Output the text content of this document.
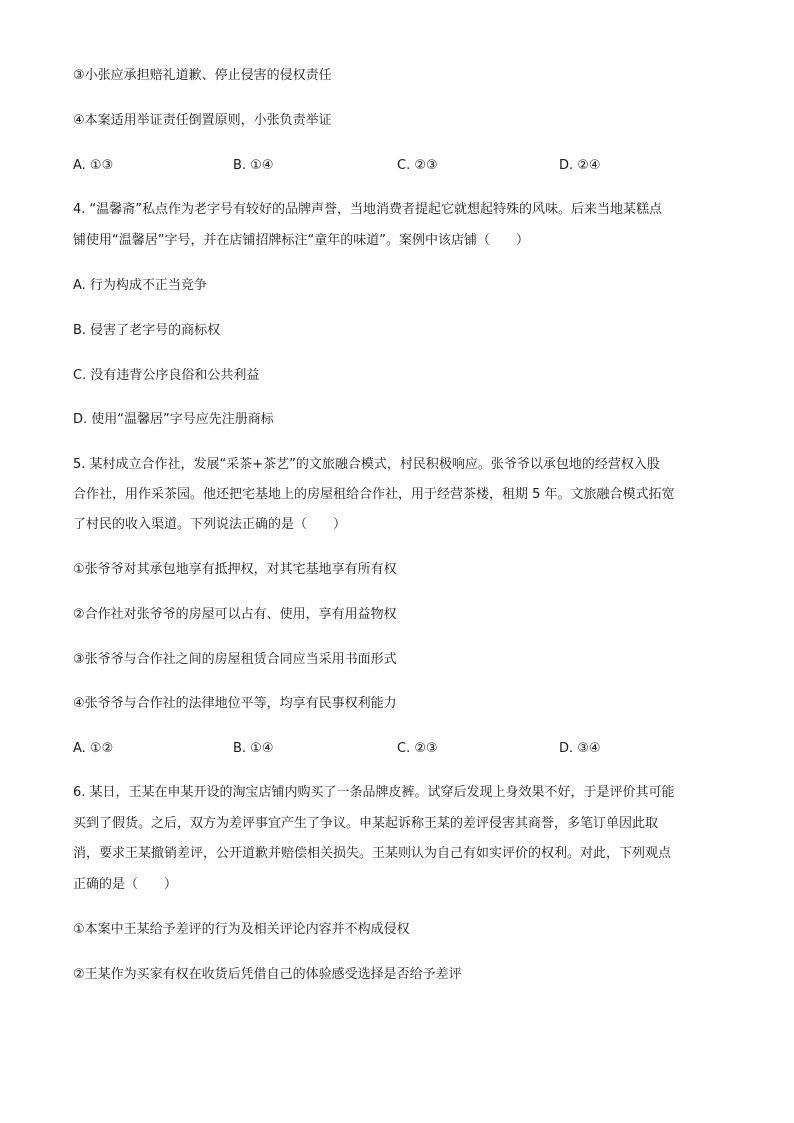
③小张应承担赔礼道歉、停止侵害的侵权责任
④本案适用举证责任倒置原则，小张负责举证
A. ①③	B. ①④	C. ②③	D. ②④
4. “温馨斋”私点作为老字号有较好的品牌声誉，当地消费者提起它就想起特殊的风味。后来当地某糕点
铺使用“温馨居”字号，并在店铺招牌标注“童年的味道”。案例中该店铺（　　）
A. 行为构成不正当竞争
B. 侵害了老字号的商标权
C. 没有违背公序良俗和公共利益
D. 使用“温馨居”字号应先注册商标
5. 某村成立合作社，发展“采茶+茶艺”的文旅融合模式，村民积极响应。张爷爷以承包地的经营权入股
合作社，用作采茶园。他还把宅基地上的房屋租给合作社，用于经营茶楼，租期 5 年。文旅融合模式拓宽
了村民的收入渠道。下列说法正确的是（　　）
①张爷爷对其承包地享有抵押权，对其宅基地享有所有权
②合作社对张爷爷的房屋可以占有、使用，享有用益物权
③张爷爷与合作社之间的房屋租赁合同应当采用书面形式
④张爷爷与合作社的法律地位平等，均享有民事权利能力
A. ①②	B. ①④	C. ②③	D. ③④
6. 某日，王某在申某开设的淘宝店铺内购买了一条品牌皮裤。试穿后发现上身效果不好，于是评价其可能
买到了假货。之后，双方为差评事宜产生了争议。申某起诉称王某的差评侵害其商誉，多笔订单因此取
消，要求王某撤销差评，公开道歉并赔偿相关损失。王某则认为自己有如实评价的权利。对此，下列观点
正确的是（　　）
①本案中王某给予差评的行为及相关评论内容并不构成侵权
②王某作为买家有权在收货后凭借自己的体验感受选择是否给予差评
